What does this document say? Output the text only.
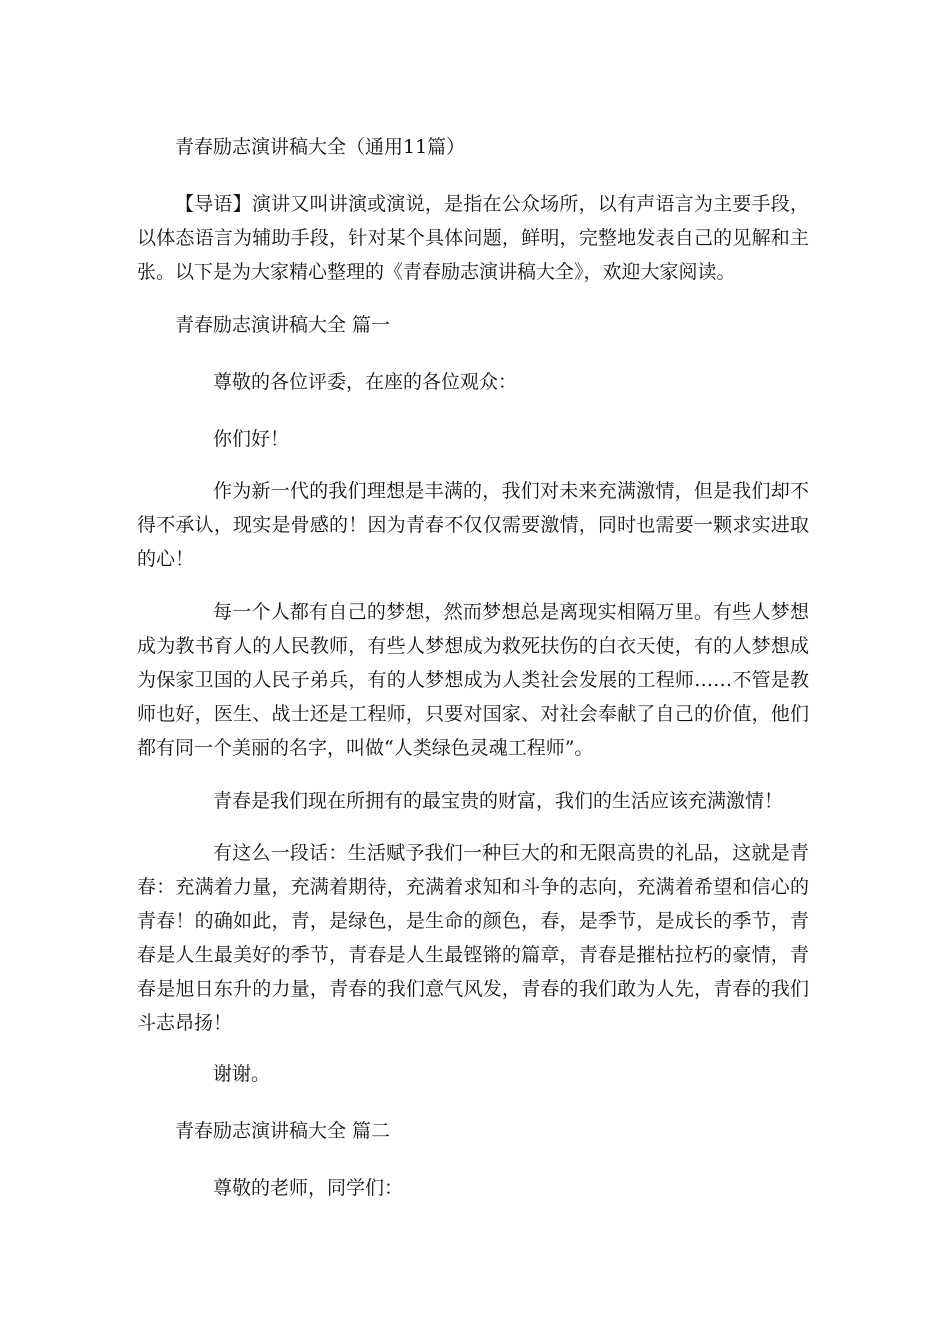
青春励志演讲稿大全（通用11篇）
【导语】演讲又叫讲演或演说，是指在公众场所，以有声语言为主要手段，以体态语言为辅助手段，针对某个具体问题，鲜明，完整地发表自己的见解和主张。以下是为大家精心整理的《青春励志演讲稿大全》，欢迎大家阅读。
青春励志演讲稿大全 篇一
尊敬的各位评委，在座的各位观众：
你们好！
作为新一代的我们理想是丰满的，我们对未来充满激情，但是我们却不得不承认，现实是骨感的！因为青春不仅仅需要激情，同时也需要一颗求实进取的心！
每一个人都有自己的梦想，然而梦想总是离现实相隔万里。有些人梦想成为教书育人的人民教师，有些人梦想成为救死扶伤的白衣天使，有的人梦想成为保家卫国的人民子弟兵，有的人梦想成为人类社会发展的工程师……不管是教师也好，医生、战士还是工程师，只要对国家、对社会奉献了自己的价值，他们都有同一个美丽的名字，叫做“人类绿色灵魂工程师”。
青春是我们现在所拥有的最宝贵的财富，我们的生活应该充满激情！
有这么一段话：生活赋予我们一种巨大的和无限高贵的礼品，这就是青春：充满着力量，充满着期待，充满着求知和斗争的志向，充满着希望和信心的青春！的确如此，青，是绿色，是生命的颜色，春，是季节，是成长的季节，青春是人生最美好的季节，青春是人生最铿锵的篇章，青春是摧枯拉朽的豪情，青春是旭日东升的力量，青春的我们意气风发，青春的我们敢为人先，青春的我们斗志昂扬！
谢谢。
青春励志演讲稿大全 篇二
尊敬的老师，同学们：
